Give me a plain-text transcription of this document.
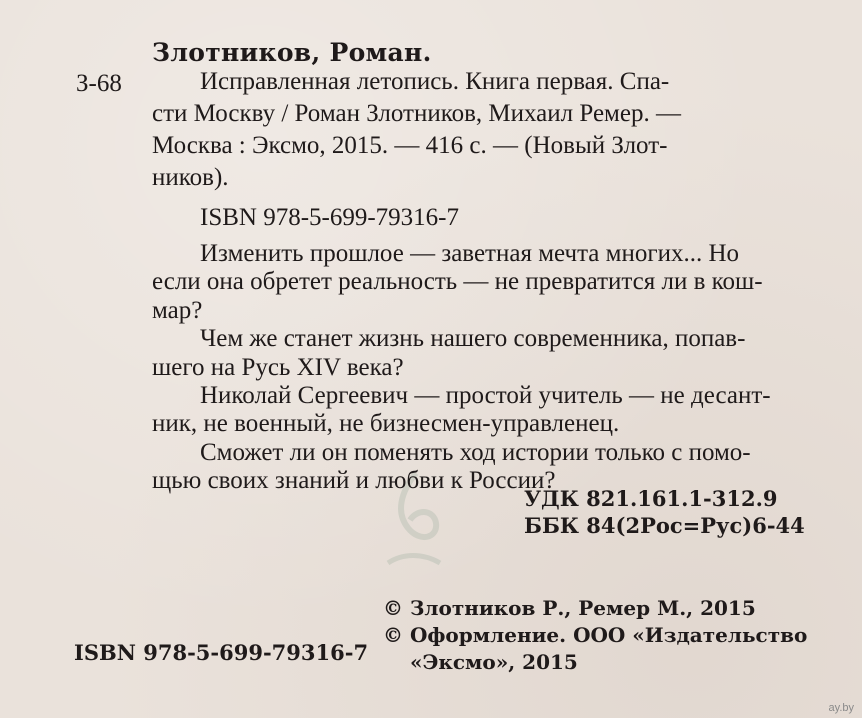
Злотников, Роман.
З-68	Исправленная летопись. Книга первая. Спа-
сти Москву / Роман Злотников, Михаил Ремер. —
Москва : Эксмо, 2015. — 416 с. — (Новый Злот-
ников).
ISBN 978-5-699-79316-7
Изменить прошлое — заветная мечта многих... Но
если она обретет реальность — не превратится ли в кош-
мар?
Чем же станет жизнь нашего современника, попав-
шего на Русь XIV века?
Николай Сергеевич — простой учитель — не десант-
ник, не военный, не бизнесмен-управленец.
Сможет ли он поменять ход истории только с помо-
щью своих знаний и любви к России?
УДК 821.161.1-312.9
ББК 84(2Рос=Рус)6-44
© Злотников Р., Ремер М., 2015
© Оформление. ООО «Издательство
«Эксмо», 2015
ISBN 978-5-699-79316-7
ay.by
